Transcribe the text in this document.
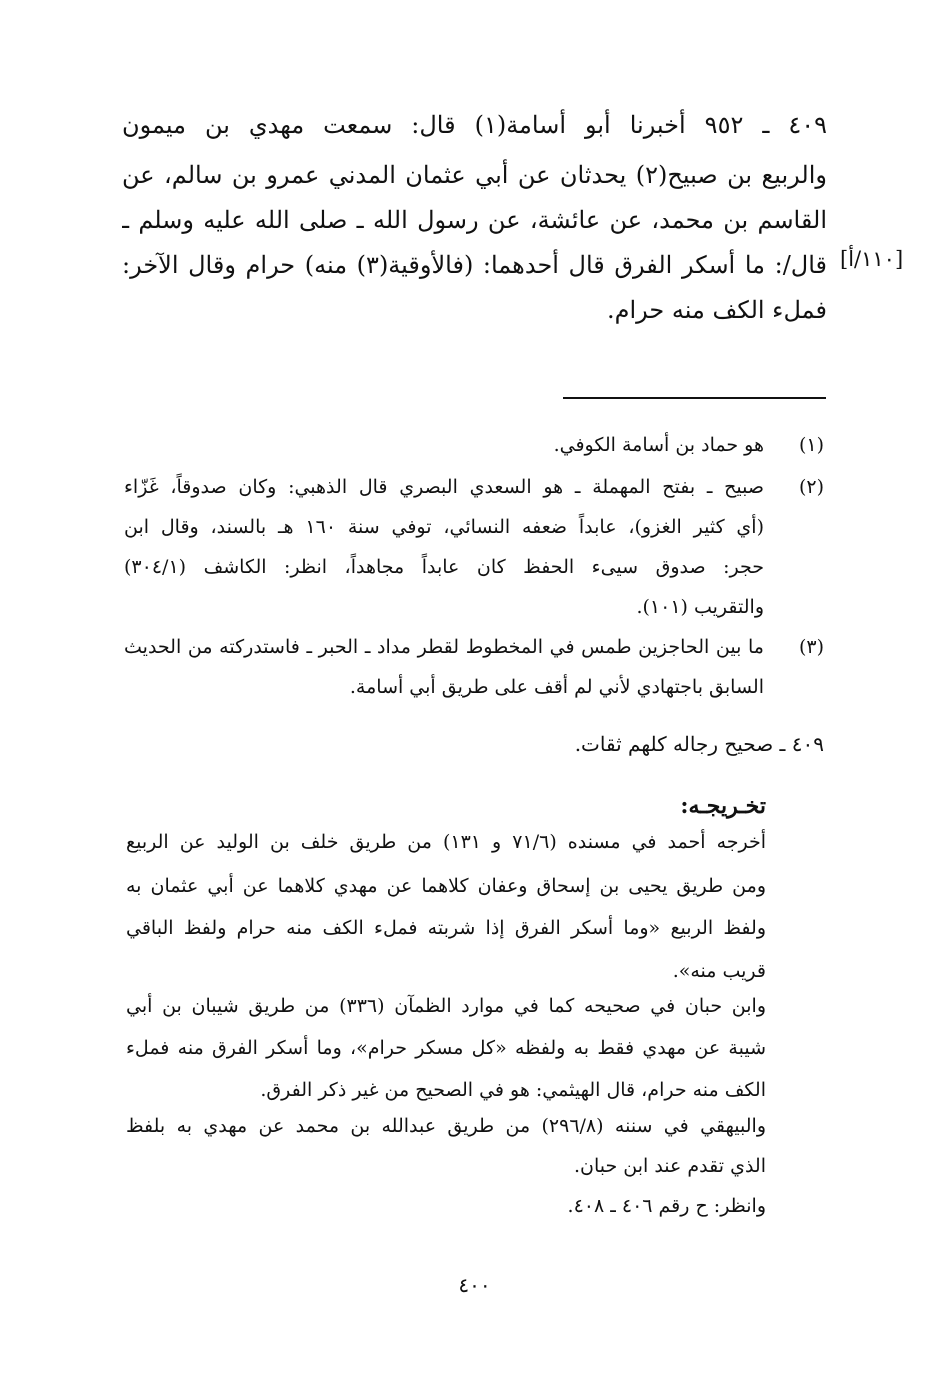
٤٠٩ ـ ٩٥٢ أخبرنا أبو أسامة(١) قال: سمعت مهدي بن ميمون
والربيع بن صبيح(٢) يحدثان عن أبي عثمان المدني عمرو بن سالم، عن
القاسم بن محمد، عن عائشة، عن رسول الله ـ صلى الله عليه وسلم ـ
قال/: ما أسكر الفرق قال أحدهما: (فالأوقية(٣) منه) حرام وقال الآخر:
فملء الكف منه حرام.
[١١٠/أ]
(١)
هو حماد بن أسامة الكوفي.
(٢)
صبيح ـ بفتح المهملة ـ هو السعدي البصري قال الذهبي: وكان صدوقاً، غَزّاء
(أي كثير الغزو)، عابداً ضعفه النسائي، توفي سنة ١٦٠ هـ بالسند، وقال ابن
حجر: صدوق سيىء الحفظ كان عابداً مجاهداً، انظر: الكاشف (٣٠٤/١)
والتقريب (١٠١).
(٣)
ما بين الحاجزين طمس في المخطوط لقطر مداد ـ الحبر ـ فاستدركته من الحديث
السابق باجتهادي لأني لم أقف على طريق أبي أسامة.
٤٠٩ ـ صحيح رجاله كلهم ثقات.
تخـريجـه:
أخرجه أحمد في مسنده (٧١/٦ و ١٣١) من طريق خلف بن الوليد عن الربيع
ومن طريق يحيى بن إسحاق وعفان كلاهما عن مهدي كلاهما عن أبي عثمان به
ولفظ الربيع «وما أسكر الفرق إذا شربته فملء الكف منه حرام ولفظ الباقي
قريب منه».
وابن حبان في صحيحه كما في موارد الظمآن (٣٣٦) من طريق شيبان بن أبي
شيبة عن مهدي فقط به ولفظه «كل مسكر حرام»، وما أسكر الفرق منه فملء
الكف منه حرام، قال الهيثمي: هو في الصحيح من غير ذكر الفرق.
والبيهقي في سننه (٢٩٦/٨) من طريق عبدالله بن محمد عن مهدي به بلفظ
الذي تقدم عند ابن حبان.
وانظر: ح رقم ٤٠٦ ـ ٤٠٨.
٤٠٠
